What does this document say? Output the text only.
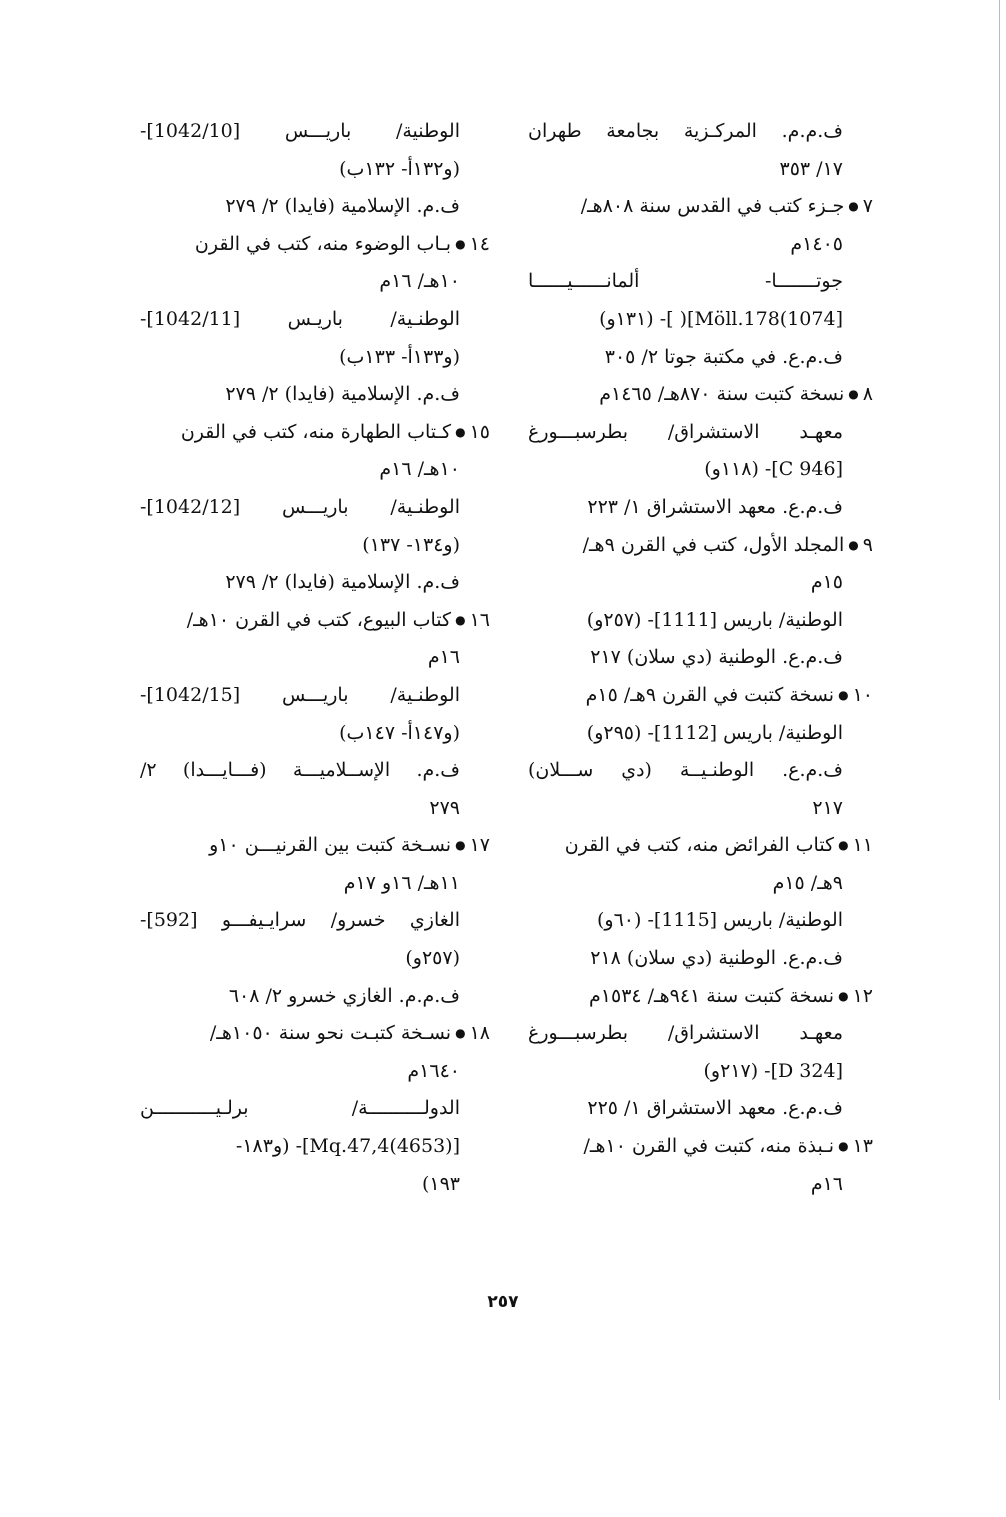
ف.م.م. المركـزية بجامعة طهران
١٧/ ٣٥٣
٧●جـزء كتب في القدس سنة ٨٠٨هـ/
١٤٠٥م
جوتـــــــا- ألمانــــــيــــــا
[1074)Möll.178]( ]- (١٣١و)
ف.م.ع. في مكتبة جوتا ٢/ ٣٠٥
٨●نسخة كتبت سنة ٨٧٠هـ/ ١٤٦٥م
معهـد الاستشراق/ بطرسبـــورغ
[C 946]- (١١٨و)
ف.م.ع. معهد الاستشراق ١/ ٢٢٣
٩●المجلد الأول، كتب في القرن ٩هـ/
١٥م
الوطنية/ باريس [1111]- (٢٥٧و)
ف.م.ع. الوطنية (دي سلان) ٢١٧
١٠●نسخة كتبت في القرن ٩هـ/ ١٥م
الوطنية/ باريس [1112]- (٢٩٥و)
ف.م.ع. الوطنـيــة (دي ســـلان)
٢١٧
١١●كتاب الفرائض منه، كتب في القرن
٩هـ/ ١٥م
الوطنية/ باريس [1115]- (٦٠و)
ف.م.ع. الوطنية (دي سلان) ٢١٨
١٢●نسخة كتبت سنة ٩٤١هـ/ ١٥٣٤م
معهـد الاستشراق/ بطرسبـــورغ
[D 324]- (٢١٧و)
ف.م.ع. معهد الاستشراق ١/ ٢٢٥
١٣●نـبذة منه، كتبت في القرن ١٠هـ/
١٦م
الوطنية/ باريـــس [1042/10]-
(و١٣٢أ- ١٣٢ب)
ف.م. الإسلامية (فايدا) ٢/ ٢٧٩
١٤●بـاب الوضوء منه، كتب في القرن
١٠هـ/ ١٦م
الوطنـية/ باريـس [1042/11]-
(و١٣٣أ- ١٣٣ب)
ف.م. الإسلامية (فايدا) ٢/ ٢٧٩
١٥●كـتاب الطهارة منه، كتب في القرن
١٠هـ/ ١٦م
الوطنـية/ باريـــس [1042/12]-
(و١٣٤- ١٣٧)
ف.م. الإسلامية (فايدا) ٢/ ٢٧٩
١٦●كتاب البيوع، كتب في القرن ١٠هـ/
١٦م
الوطنـية/ باريـــس [1042/15]-
(و١٤٧أ- ١٤٧ب)
ف.م. الإســلاميـــة (فـــايـــدا) ٢/
٢٧٩
١٧●نسـخة كتبت بين القرنيـــن ١٠و
١١هـ/ ١٦و ١٧م
الغازي خسرو/ سرايـيفـــو [592]-
(٢٥٧و)
ف.م.م. الغازي خسرو ٢/ ٦٠٨
١٨●نسـخة كتبـت نحو سنة ١٠٥٠هـ/
١٦٤٠م
الدولــــــــــة/ برلـيـــــــــــن
[(4653)Mq.47,4]- (و١٨٣-
١٩٣)
٢٥٧
